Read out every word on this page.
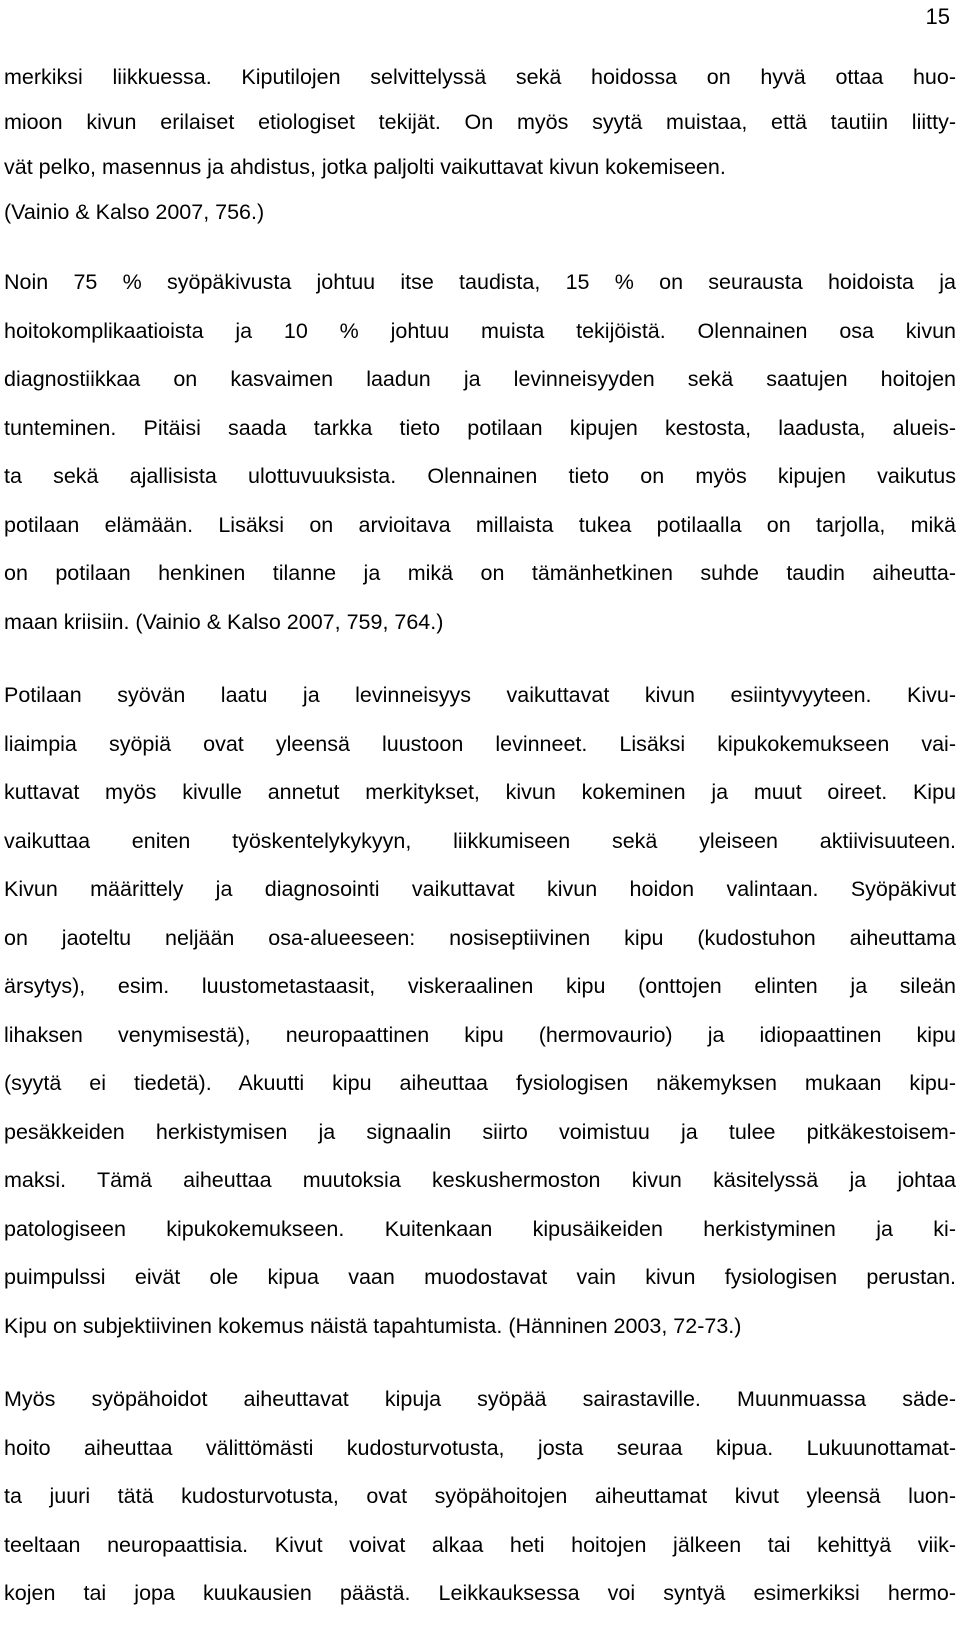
15
merkiksi liikkuessa. Kiputilojen selvittelyssä sekä hoidossa on hyvä ottaa huo-
mioon kivun erilaiset etiologiset tekijät. On myös syytä muistaa, että tautiin liitty-
vät pelko, masennus ja ahdistus, jotka paljolti vaikuttavat kivun kokemiseen.
(Vainio & Kalso 2007, 756.)
Noin 75 % syöpäkivusta johtuu itse taudista, 15 % on seurausta hoidoista ja
hoitokomplikaatioista ja 10 % johtuu muista tekijöistä. Olennainen osa kivun
diagnostiikkaa on kasvaimen laadun ja levinneisyyden sekä saatujen hoitojen
tunteminen. Pitäisi saada tarkka tieto potilaan kipujen kestosta, laadusta, alueis-
ta sekä ajallisista ulottuvuuksista. Olennainen tieto on myös kipujen vaikutus
potilaan elämään. Lisäksi on arvioitava millaista tukea potilaalla on tarjolla, mikä
on potilaan henkinen tilanne ja mikä on tämänhetkinen suhde taudin aiheutta-
maan kriisiin. (Vainio & Kalso 2007, 759, 764.)
Potilaan syövän laatu ja levinneisyys vaikuttavat kivun esiintyvyyteen. Kivu-
liaimpia syöpiä ovat yleensä luustoon levinneet. Lisäksi kipukokemukseen vai-
kuttavat myös kivulle annetut merkitykset, kivun kokeminen ja muut oireet. Kipu
vaikuttaa eniten työskentelykykyyn, liikkumiseen sekä yleiseen aktiivisuuteen.
Kivun määrittely ja diagnosointi vaikuttavat kivun hoidon valintaan. Syöpäkivut
on jaoteltu neljään osa-alueeseen: nosiseptiivinen kipu (kudostuhon aiheuttama
ärsytys), esim. luustometastaasit, viskeraalinen kipu (onttojen elinten ja sileän
lihaksen venymisestä), neuropaattinen kipu (hermovaurio) ja idiopaattinen kipu
(syytä ei tiedetä). Akuutti kipu aiheuttaa fysiologisen näkemyksen mukaan kipu-
pesäkkeiden herkistymisen ja signaalin siirto voimistuu ja tulee pitkäkestoisem-
maksi. Tämä aiheuttaa muutoksia keskushermoston kivun käsitelyssä ja johtaa
patologiseen kipukokemukseen. Kuitenkaan kipusäikeiden herkistyminen ja ki-
puimpulssi eivät ole kipua vaan muodostavat vain kivun fysiologisen perustan.
Kipu on subjektiivinen kokemus näistä tapahtumista. (Hänninen 2003, 72-73.)
Myös syöpähoidot aiheuttavat kipuja syöpää sairastaville. Muunmuassa säde-
hoito aiheuttaa välittömästi kudosturvotusta, josta seuraa kipua. Lukuunottamat-
ta juuri tätä kudosturvotusta, ovat syöpähoitojen aiheuttamat kivut yleensä luon-
teeltaan neuropaattisia. Kivut voivat alkaa heti hoitojen jälkeen tai kehittyä viik-
kojen tai jopa kuukausien päästä. Leikkauksessa voi syntyä esimerkiksi hermo-
